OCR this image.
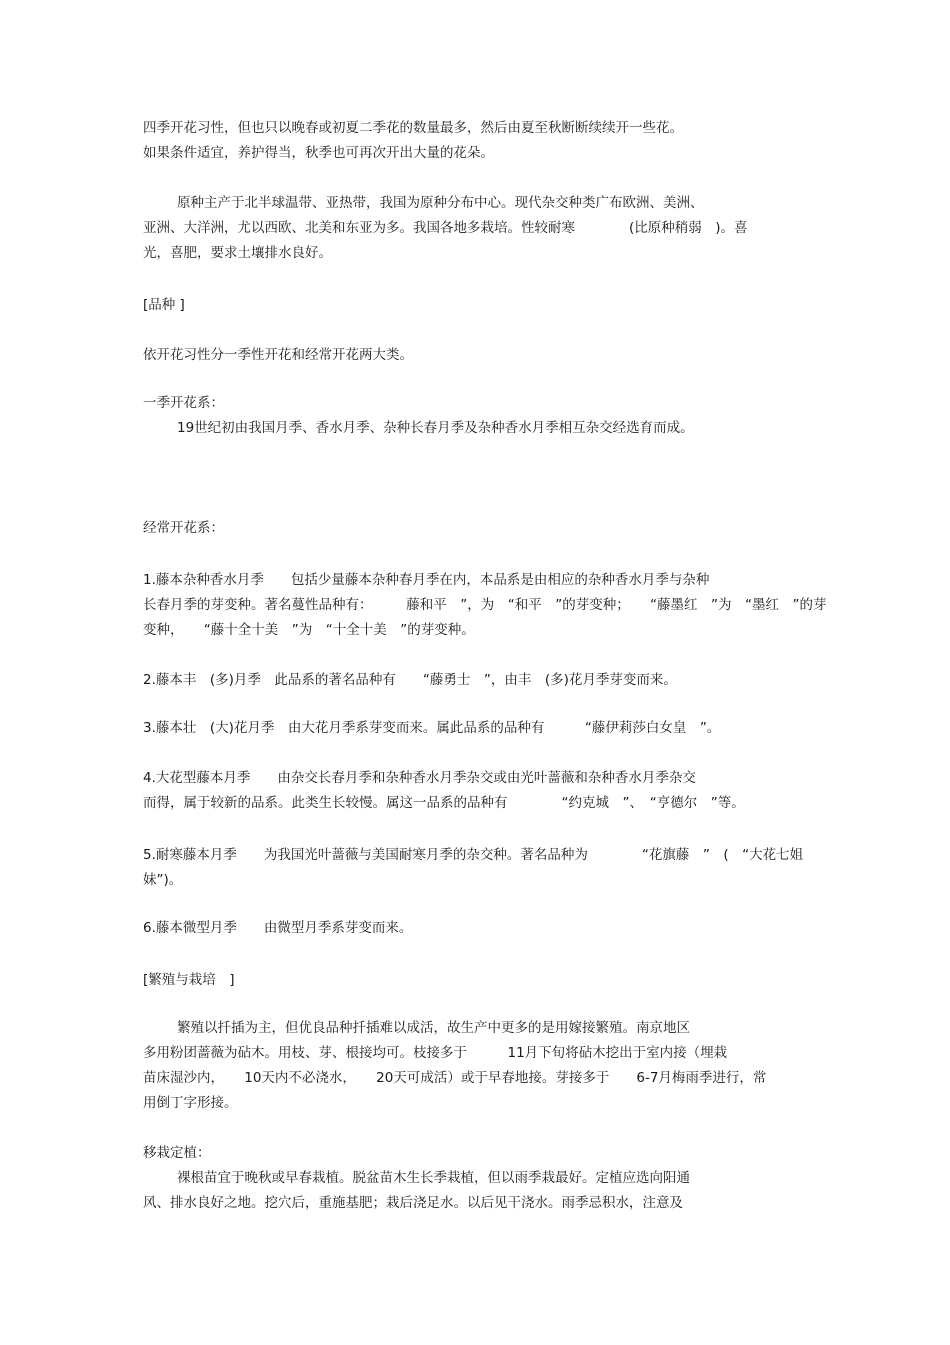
四季开花习性，但也只以晚春或初夏二季花的数量最多，然后由夏至秋断断续续开一些花。
如果条件适宜，养护得当，秋季也可再次开出大量的花朵。
原种主产于北半球温带、亚热带，我国为原种分布中心。现代杂交种类广布欧洲、美洲、
亚洲、大洋洲，尤以西欧、北美和东亚为多。我国各地多栽培。性较耐寒　　　　(比原种稍弱　)。喜
光，喜肥，要求土壤排水良好。
[品种 ]
依开花习性分一季性开花和经常开花两大类。
一季开花系：
19世纪初由我国月季、香水月季、杂种长春月季及杂种香水月季相互杂交经选育而成。
经常开花系：
1.藤本杂种香水月季　　包括少量藤本杂种春月季在内，本品系是由相应的杂种香水月季与杂种
长春月季的芽变种。著名蔓性品种有：　　　藤和平　”，为　“和平　”的芽变种；　　“藤墨红　”为　“墨红　”的芽
变种，　　“藤十全十美　”为　“十全十美　”的芽变种。
2.藤本丰　(多)月季　此品系的著名品种有　　“藤勇士　”，由丰　(多)花月季芽变而来。
3.藤本壮　(大)花月季　由大花月季系芽变而来。属此品系的品种有　　　“藤伊莉莎白女皇　”。
4.大花型藤本月季　　由杂交长春月季和杂种香水月季杂交或由光叶蔷薇和杂种香水月季杂交
而得，属于较新的品系。此类生长较慢。属这一品系的品种有　　　　“约克城　”、　“亨德尔　”等。
5.耐寒藤本月季　　为我国光叶蔷薇与美国耐寒月季的杂交种。著名品种为　　　　“花旗藤　”　(　“大花七姐
妹”)。
6.藤本微型月季　　由微型月季系芽变而来。
[繁殖与栽培　]
繁殖以扦插为主，但优良品种扦插难以成活，故生产中更多的是用嫁接繁殖。南京地区
多用粉团蔷薇为砧木。用枝、芽、根接均可。枝接多于　　　11月下旬将砧木挖出于室内接（埋栽
苗床湿沙内，　　10天内不必浇水，　　20天可成活）或于早春地接。芽接多于　　6-7月梅雨季进行，常
用倒丁字形接。
移栽定植：
裸根苗宜于晚秋或早春栽植。脱盆苗木生长季栽植，但以雨季栽最好。定植应选向阳通
风、排水良好之地。挖穴后，重施基肥；栽后浇足水。以后见干浇水。雨季忌积水，注意及
